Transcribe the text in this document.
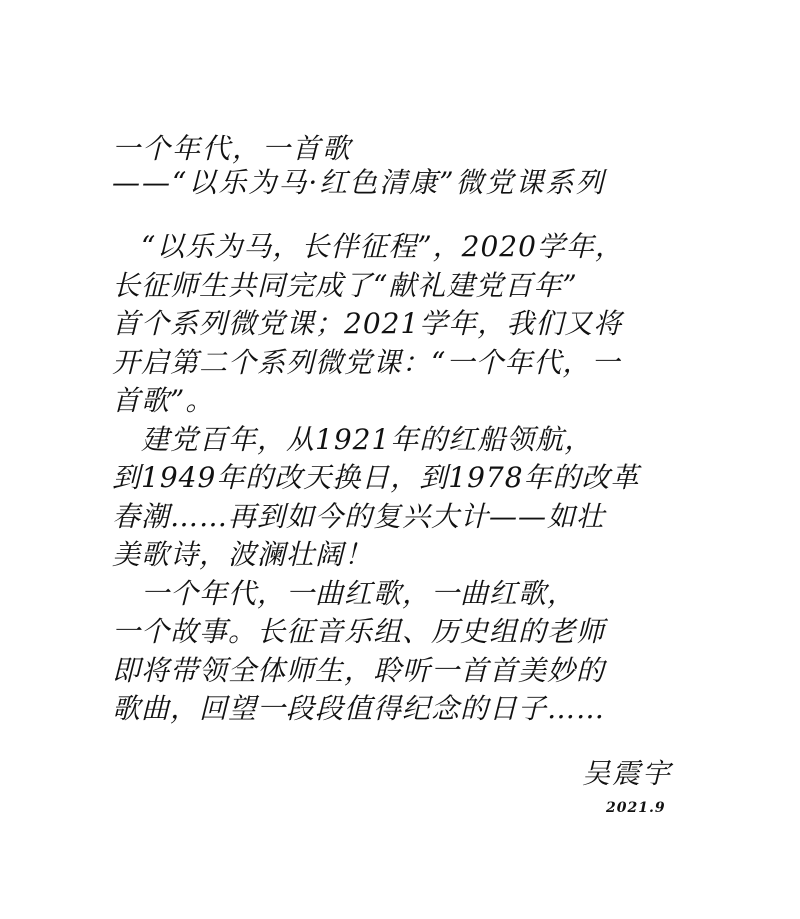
一个年代，一首歌
——“以乐为马·红色清康”微党课系列
　“以乐为马，长伴征程”，2020学年，
长征师生共同完成了“献礼建党百年”
首个系列微党课；2021学年，我们又将
开启第二个系列微党课：“一个年代，一
首歌”。
　建党百年，从1921年的红船领航，
到1949年的改天换日，到1978年的改革
春潮……再到如今的复兴大计——如壮
美歌诗，波澜壮阔！
　一个年代，一曲红歌，一曲红歌，
一个故事。长征音乐组、历史组的老师
即将带领全体师生，聆听一首首美妙的
歌曲，回望一段段值得纪念的日子……
吴震宇
2021.9
